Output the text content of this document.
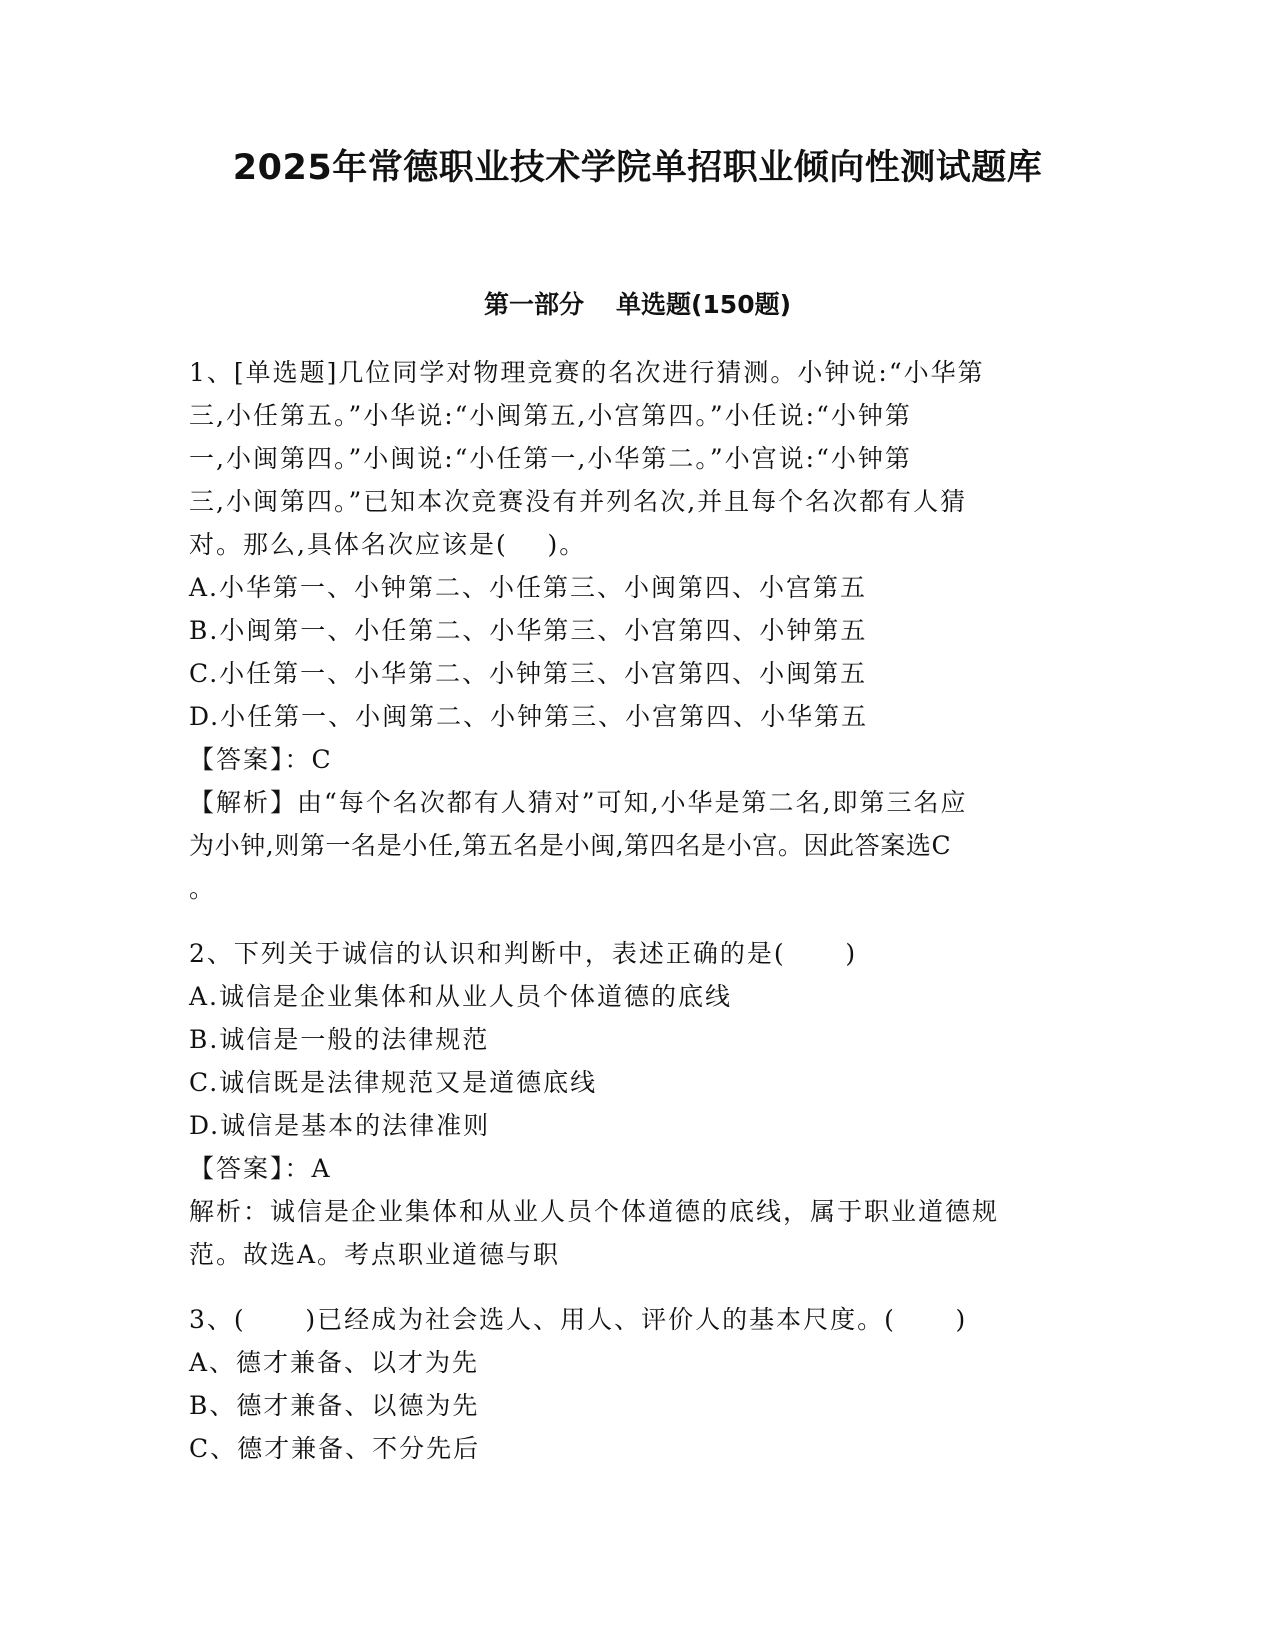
2025年常德职业技术学院单招职业倾向性测试题库
第一部分 单选题(150题)

1、[单选题]几位同学对物理竞赛的名次进行猜测。小钟说:“小华第

三,小任第五。”小华说:“小闽第五,小宫第四。”小任说:“小钟第

一,小闽第四。”小闽说:“小任第一,小华第二。”小宫说:“小钟第

三,小闽第四。”已知本次竞赛没有并列名次,并且每个名次都有人猜

对。那么,具体名次应该是(    )。

A.小华第一、小钟第二、小任第三、小闽第四、小宫第五

B.小闽第一、小任第二、小华第三、小宫第四、小钟第五

C.小任第一、小华第二、小钟第三、小宫第四、小闽第五

D.小任第一、小闽第二、小钟第三、小宫第四、小华第五

【答案】：C

【解析】由“每个名次都有人猜对”可知,小华是第二名,即第三名应

为小钟,则第一名是小任,第五名是小闽,第四名是小宫。因此答案选C

。

2、下列关于诚信的认识和判断中，表述正确的是(      )

A.诚信是企业集体和从业人员个体道德的底线

B.诚信是一般的法律规范

C.诚信既是法律规范又是道德底线

D.诚信是基本的法律准则

【答案】：A

解析：诚信是企业集体和从业人员个体道德的底线，属于职业道德规

范。故选A。考点职业道德与职

3、(      )已经成为社会选人、用人、评价人的基本尺度。(      )

A、德才兼备、以才为先

B、德才兼备、以德为先

C、德才兼备、不分先后
